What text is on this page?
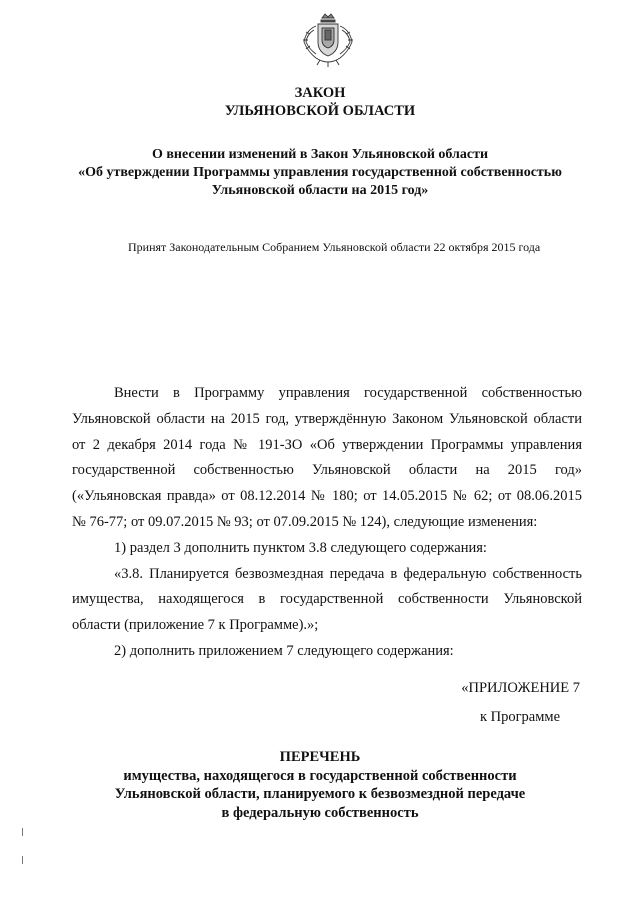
ЗАКОН
УЛЬЯНОВСКОЙ ОБЛАСТИ
О внесении изменений в Закон Ульяновской области
«Об утверждении Программы управления государственной собственностью
Ульяновской области на 2015 год»
Принят Законодательным Собранием Ульяновской области 22 октября 2015 года

Внести в Программу управления государственной собственностью

Ульяновской области на 2015 год, утверждённую Законом Ульяновской области

от 2 декабря 2014 года № 191-ЗО «Об утверждении Программы управления

государственной собственностью Ульяновской области на 2015 год»

(«Ульяновская правда» от 08.12.2014 № 180; от 14.05.2015 № 62; от 08.06.2015

№ 76-77; от 09.07.2015 № 93; от 07.09.2015 № 124), следующие изменения:

1) раздел 3 дополнить пунктом 3.8 следующего содержания:

«3.8. Планируется безвозмездная передача в федеральную собственность

имущества, находящегося в государственной собственности Ульяновской

области (приложение 7 к Программе).»;

2) дополнить приложением 7 следующего содержания:

«ПРИЛОЖЕНИЕ 7
к Программе
ПЕРЕЧЕНЬ
имущества, находящегося в государственной собственности
Ульяновской области, планируемого к безвозмездной передаче
в федеральную собственность
